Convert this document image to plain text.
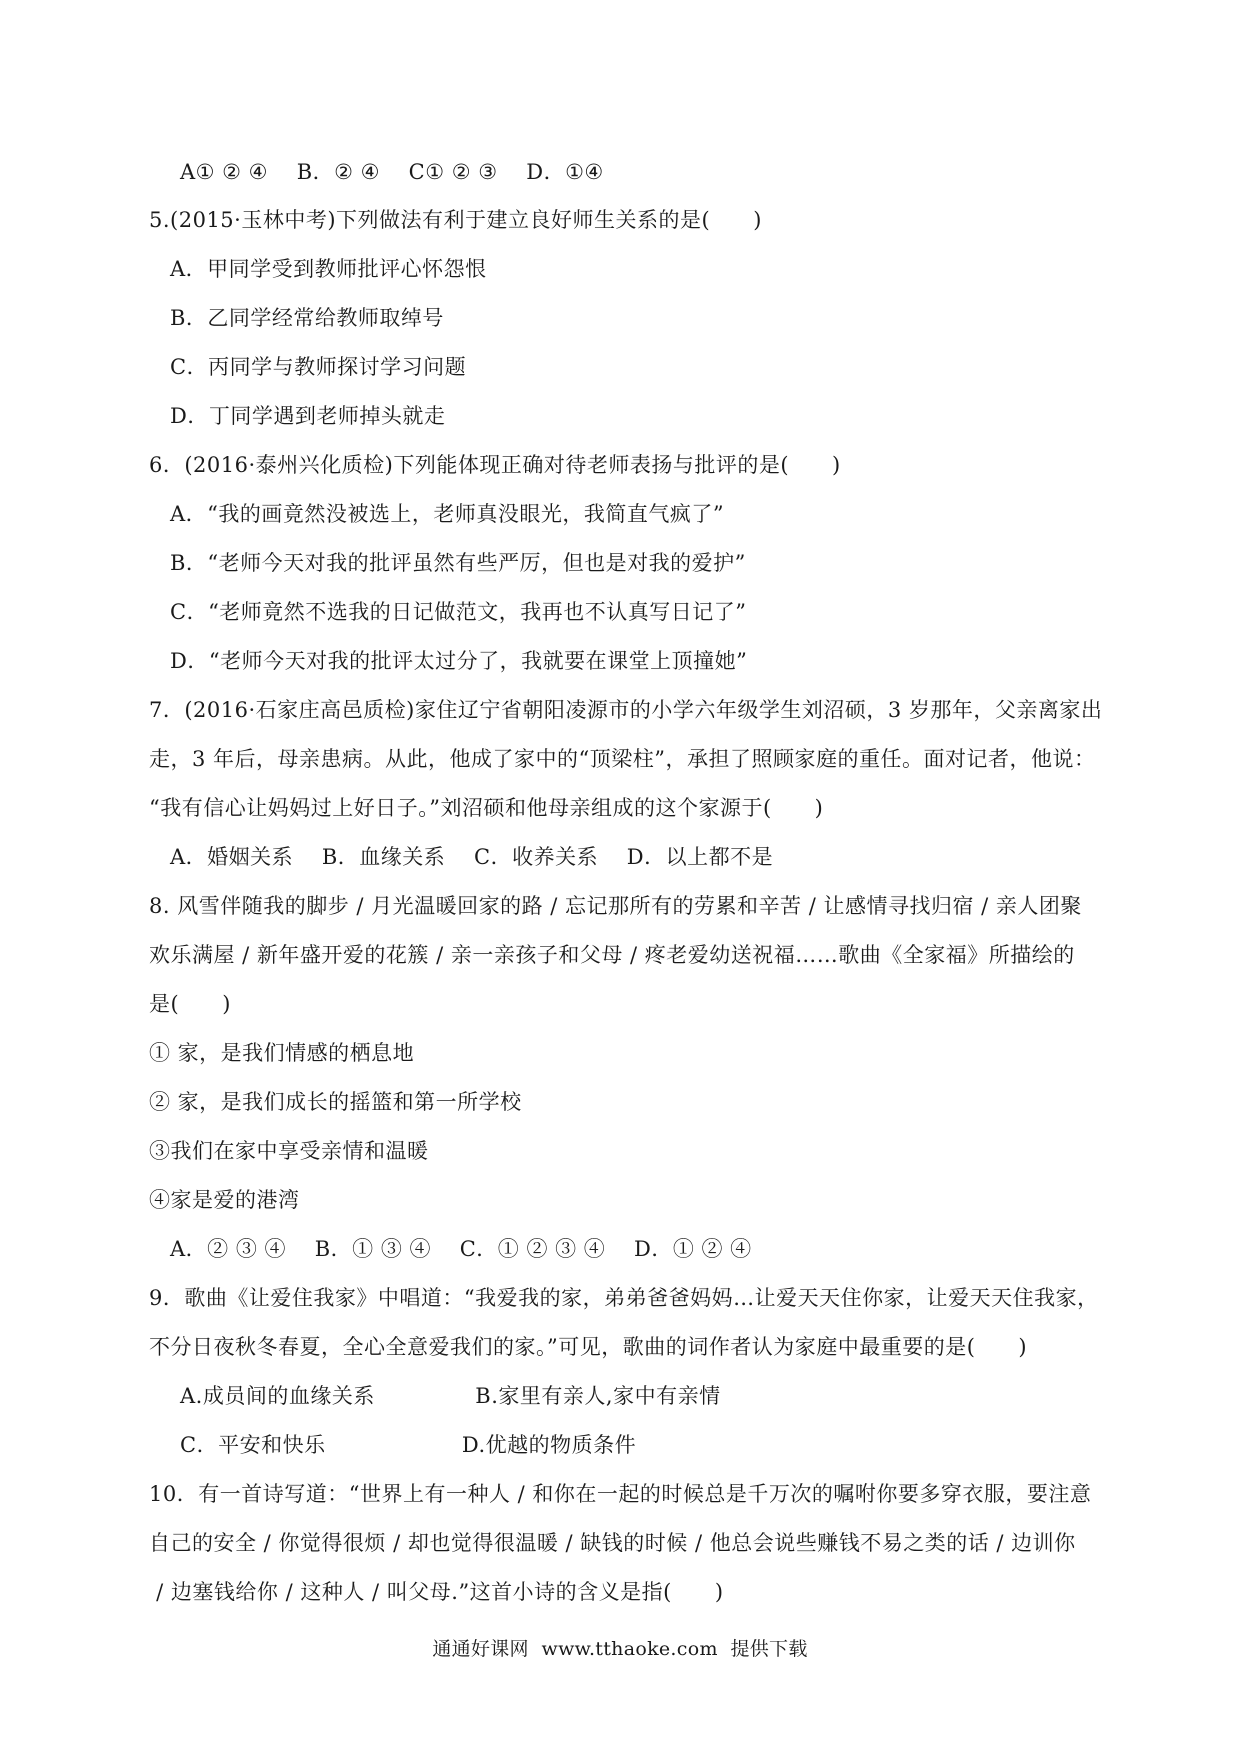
A① ② ④    B．② ④    C① ② ③    D．①④
5.(2015·玉林中考)下列做法有利于建立良好师生关系的是(　　)
A．甲同学受到教师批评心怀怨恨
B．乙同学经常给教师取绰号
C．丙同学与教师探讨学习问题
D．丁同学遇到老师掉头就走
6．(2016·泰州兴化质检)下列能体现正确对待老师表扬与批评的是(　　)
A．“我的画竟然没被选上，老师真没眼光，我简直气疯了”
B．“老师今天对我的批评虽然有些严厉，但也是对我的爱护”
C．“老师竟然不选我的日记做范文，我再也不认真写日记了”
D．“老师今天对我的批评太过分了，我就要在课堂上顶撞她”
7．(2016·石家庄高邑质检)家住辽宁省朝阳凌源市的小学六年级学生刘沼硕，3 岁那年，父亲离家出
走，3 年后，母亲患病。从此，他成了家中的“顶梁柱”，承担了照顾家庭的重任。面对记者，他说：
“我有信心让妈妈过上好日子。”刘沼硕和他母亲组成的这个家源于(　　)
A．婚姻关系    B．血缘关系    C．收养关系    D．以上都不是
8. 风雪伴随我的脚步 / 月光温暖回家的路 / 忘记那所有的劳累和辛苦 / 让感情寻找归宿 / 亲人团聚
欢乐满屋 / 新年盛开爱的花簇 / 亲一亲孩子和父母 / 疼老爱幼送祝福……歌曲《全家福》所描绘的
是(　　)
① 家，是我们情感的栖息地
② 家，是我们成长的摇篮和第一所学校
③我们在家中享受亲情和温暖
④家是爱的港湾
A．② ③ ④    B．① ③ ④    C．① ② ③ ④    D．① ② ④
9．歌曲《让爱住我家》中唱道：“我爱我的家，弟弟爸爸妈妈…让爱天天住你家，让爱天天住我家，
不分日夜秋冬春夏，全心全意爱我们的家。”可见，歌曲的词作者认为家庭中最重要的是(　　)
A.成员间的血缘关系              B.家里有亲人,家中有亲情
C．平安和快乐                   D.优越的物质条件
10．有一首诗写道：“世界上有一种人 / 和你在一起的时候总是千万次的嘱咐你要多穿衣服，要注意
自己的安全 / 你觉得很烦 / 却也觉得很温暖 / 缺钱的时候 / 他总会说些赚钱不易之类的话 / 边训你
/ 边塞钱给你 / 这种人 / 叫父母.”这首小诗的含义是指(　　)
通通好课网  www.tthaoke.com  提供下载
